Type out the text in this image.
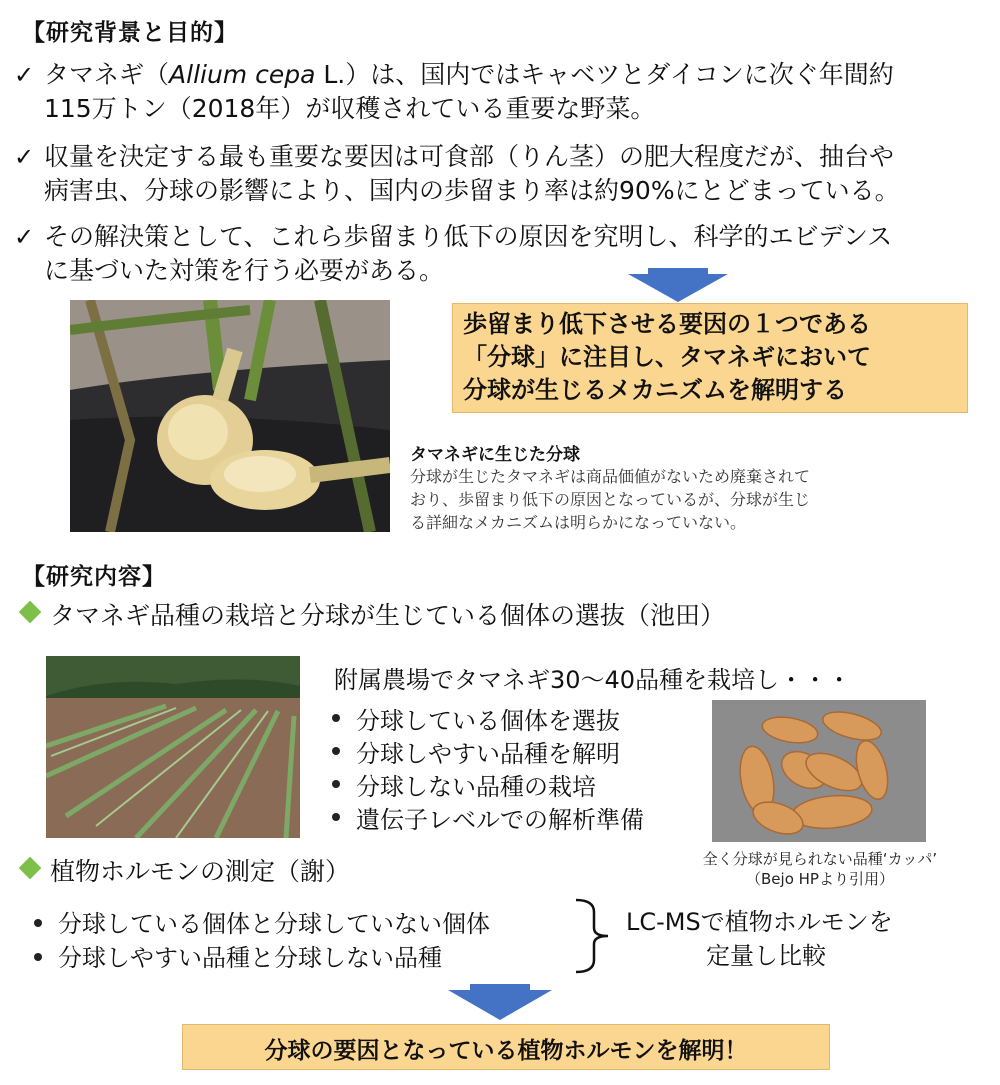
【研究背景と目的】
✓ タマネギ（Allium cepa L.）は、国内ではキャベツとダイコンに次ぐ年間約
115万トン（2018年）が収穫されている重要な野菜。
✓ 収量を決定する最も重要な要因は可食部（りん茎）の肥大程度だが、抽台や
病害虫、分球の影響により、国内の歩留まり率は約90%にとどまっている。
✓ その解決策として、これら歩留まり低下の原因を究明し、科学的エビデンス
に基づいた対策を行う必要がある。
歩留まり低下させる要因の１つである
「分球」に注目し、タマネギにおいて
分球が生じるメカニズムを解明する
タマネギに生じた分球
分球が生じたタマネギは商品価値がないため廃棄されて
おり、歩留まり低下の原因となっているが、分球が生じ
る詳細なメカニズムは明らかになっていない。
【研究内容】
タマネギ品種の栽培と分球が生じている個体の選抜（池田）
附属農場でタマネギ30〜40品種を栽培し・・・
分球している個体を選抜
分球しやすい品種を解明
分球しない品種の栽培
遺伝子レベルでの解析準備
全く分球が見られない品種‘カッパ’
（Bejo HPより引用）
植物ホルモンの測定（謝）
分球している個体と分球していない個体
分球しやすい品種と分球しない品種
LC-MSで植物ホルモンを
定量し比較
分球の要因となっている植物ホルモンを解明！
